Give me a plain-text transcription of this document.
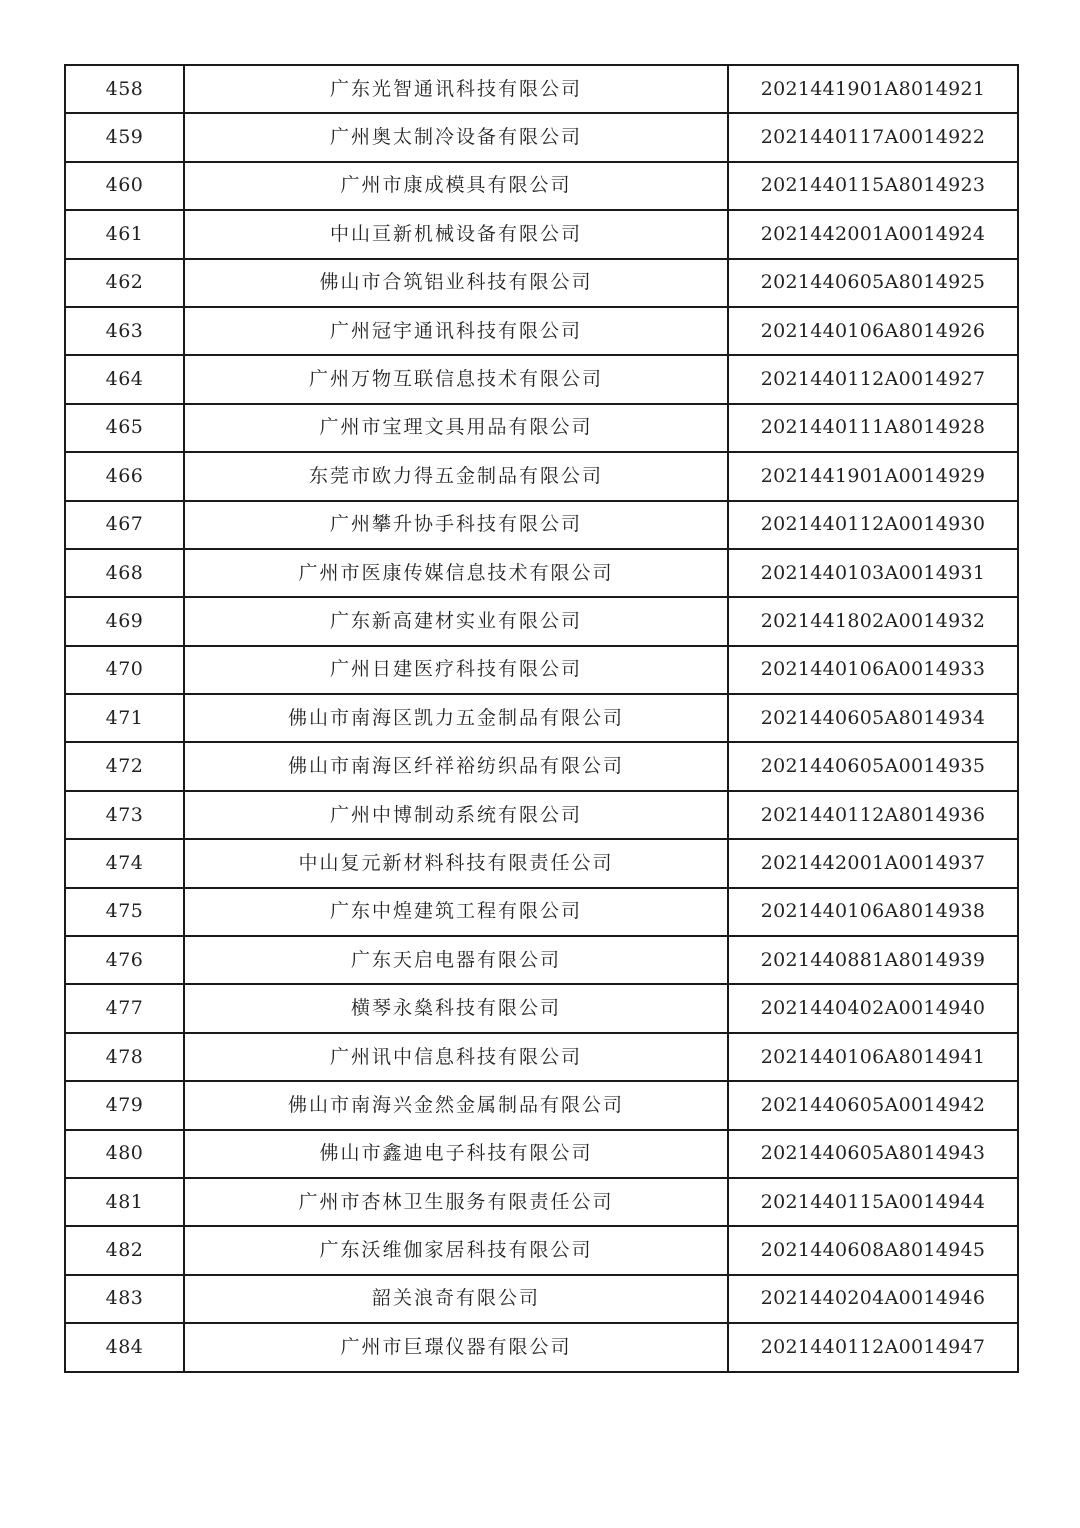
458	广东光智通讯科技有限公司	2021441901A8014921
459	广州奥太制冷设备有限公司	2021440117A0014922
460	广州市康成模具有限公司	2021440115A8014923
461	中山亘新机械设备有限公司	2021442001A0014924
462	佛山市合筑铝业科技有限公司	2021440605A8014925
463	广州冠宇通讯科技有限公司	2021440106A8014926
464	广州万物互联信息技术有限公司	2021440112A0014927
465	广州市宝理文具用品有限公司	2021440111A8014928
466	东莞市欧力得五金制品有限公司	2021441901A0014929
467	广州攀升协手科技有限公司	2021440112A0014930
468	广州市医康传媒信息技术有限公司	2021440103A0014931
469	广东新高建材实业有限公司	2021441802A0014932
470	广州日建医疗科技有限公司	2021440106A0014933
471	佛山市南海区凯力五金制品有限公司	2021440605A8014934
472	佛山市南海区纤祥裕纺织品有限公司	2021440605A0014935
473	广州中博制动系统有限公司	2021440112A8014936
474	中山复元新材料科技有限责任公司	2021442001A0014937
475	广东中煌建筑工程有限公司	2021440106A8014938
476	广东天启电器有限公司	2021440881A8014939
477	横琴永燊科技有限公司	2021440402A0014940
478	广州讯中信息科技有限公司	2021440106A8014941
479	佛山市南海兴金然金属制品有限公司	2021440605A0014942
480	佛山市鑫迪电子科技有限公司	2021440605A8014943
481	广州市杏林卫生服务有限责任公司	2021440115A0014944
482	广东沃维伽家居科技有限公司	2021440608A8014945
483	韶关浪奇有限公司	2021440204A0014946
484	广州市巨璟仪器有限公司	2021440112A0014947
